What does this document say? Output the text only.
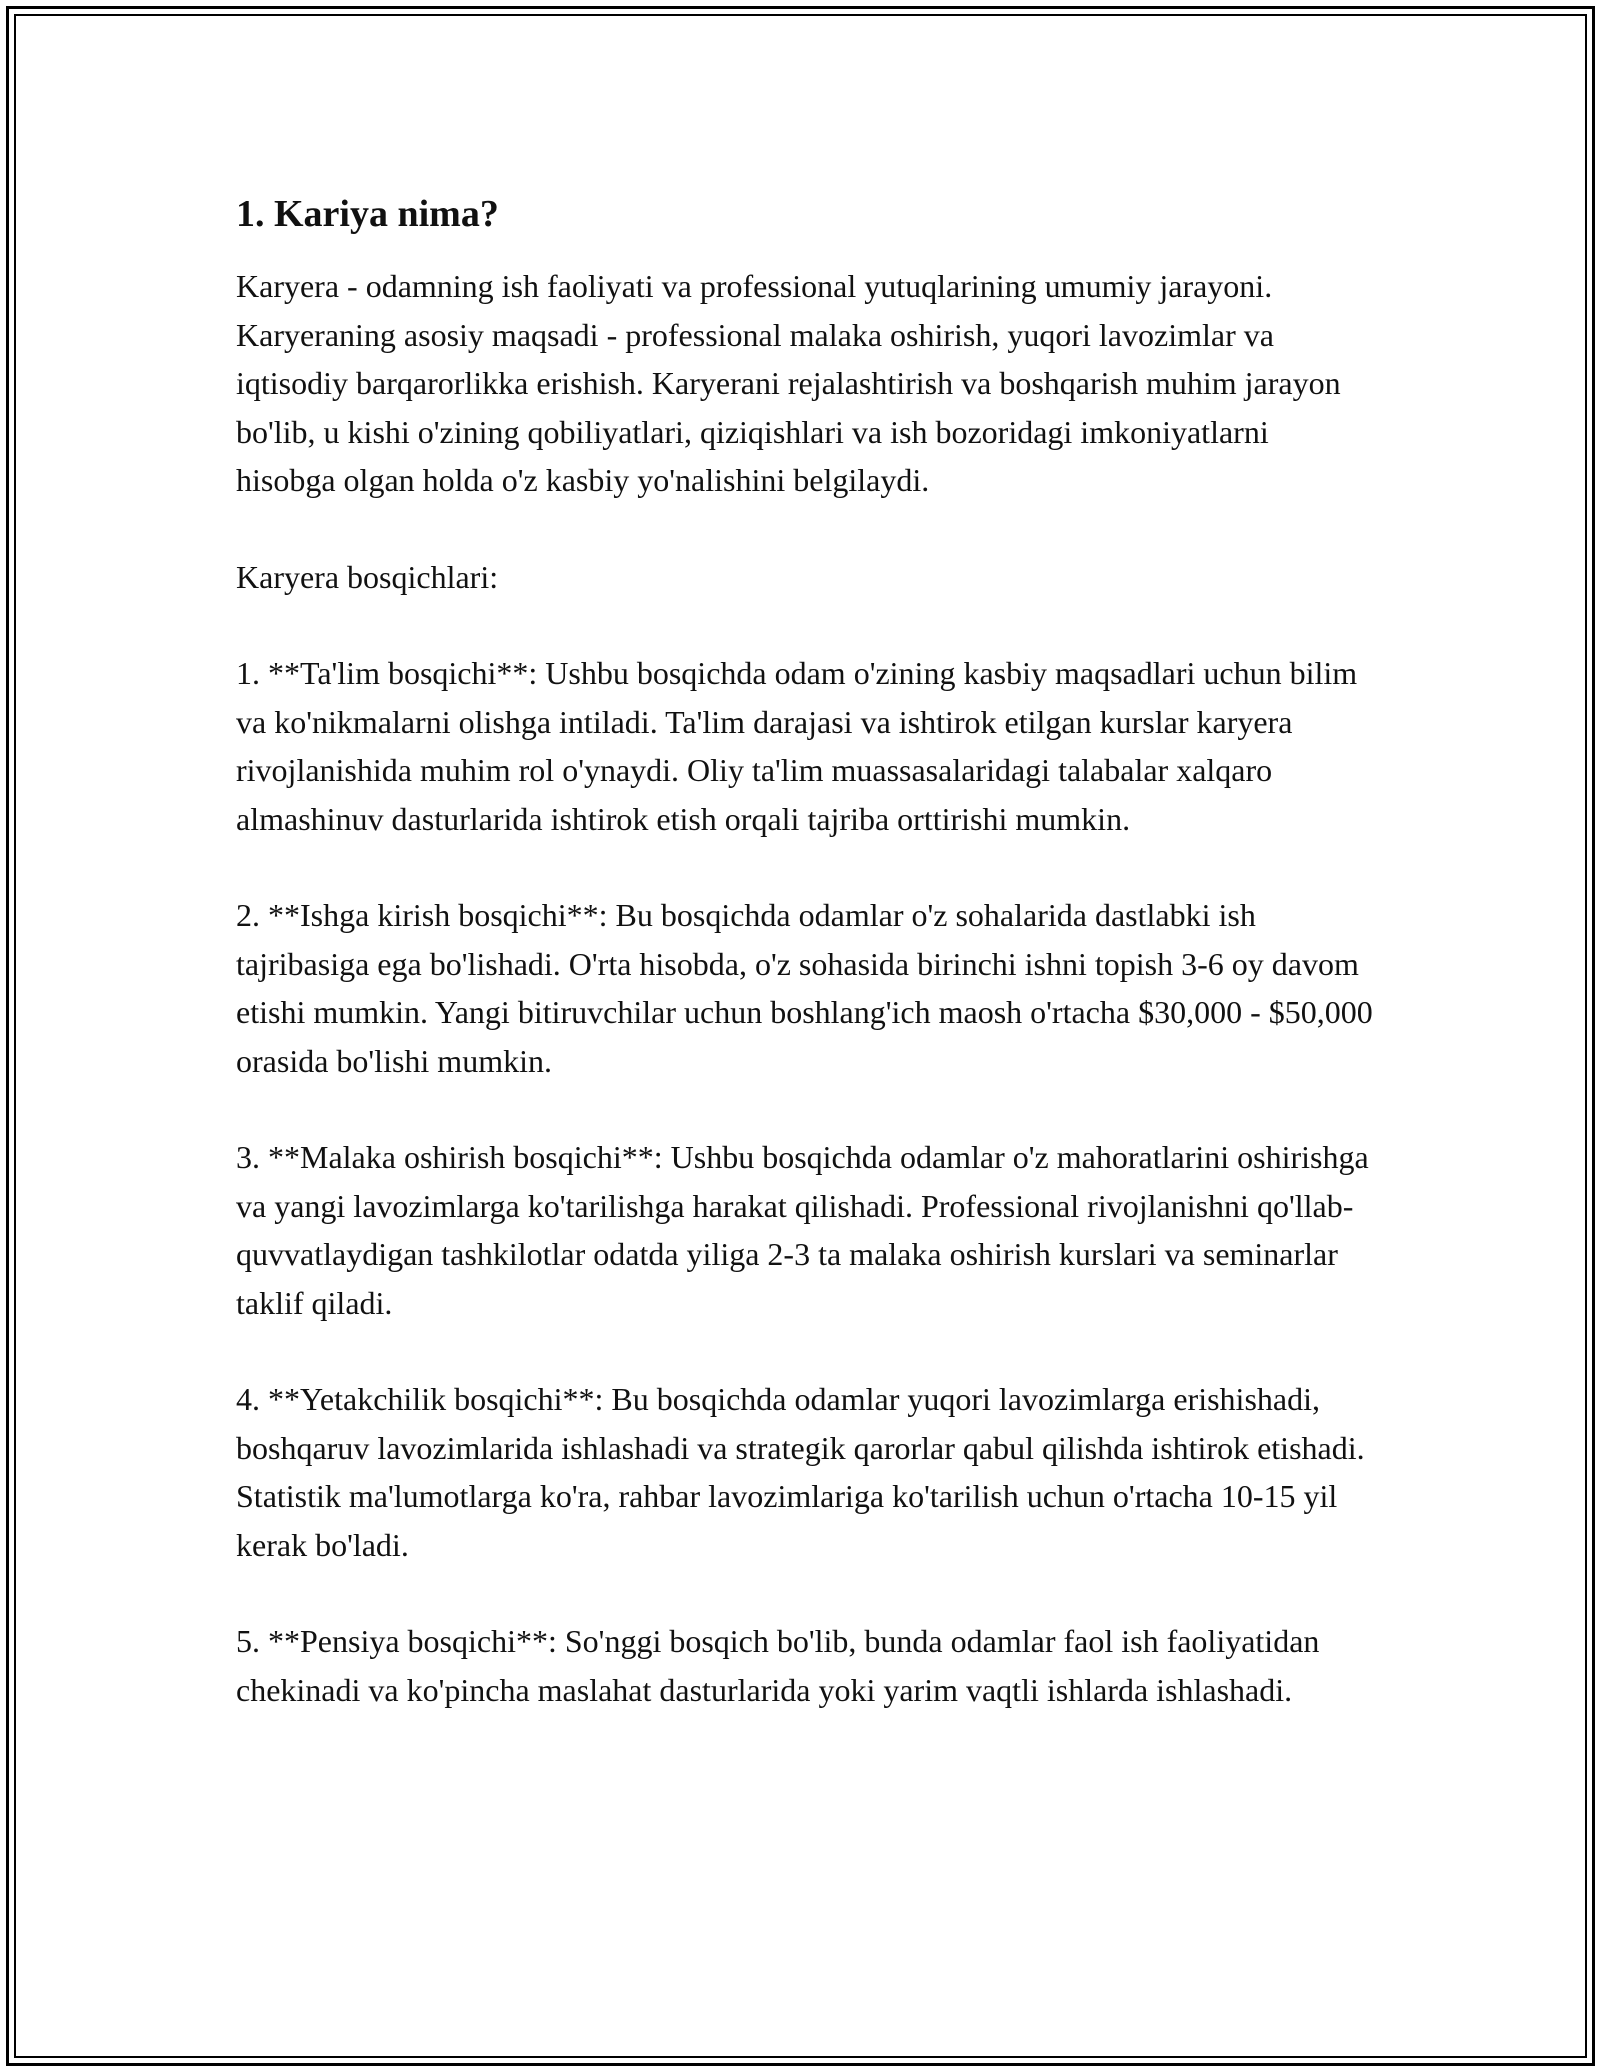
1. Kariya nima?

Karyera - odamning ish faoliyati va professional yutuqlarining umumiy jarayoni. Karyeraning asosiy maqsadi - professional malaka oshirish, yuqori lavozimlar va iqtisodiy barqarorlikka erishish. Karyerani rejalashtirish va boshqarish muhim jarayon bo'lib, u kishi o'zining qobiliyatlari, qiziqishlari va ish bozoridagi imkoniyatlarni hisobga olgan holda o'z kasbiy yo'nalishini belgilaydi.

Karyera bosqichlari:

1. **Ta'lim bosqichi**: Ushbu bosqichda odam o'zining kasbiy maqsadlari uchun bilim va ko'nikmalarni olishga intiladi. Ta'lim darajasi va ishtirok etilgan kurslar karyera rivojlanishida muhim rol o'ynaydi. Oliy ta'lim muassasalaridagi talabalar xalqaro almashinuv dasturlarida ishtirok etish orqali tajriba orttirishi mumkin.

2. **Ishga kirish bosqichi**: Bu bosqichda odamlar o'z sohalarida dastlabki ish tajribasiga ega bo'lishadi. O'rta hisobda, o'z sohasida birinchi ishni topish 3-6 oy davom etishi mumkin. Yangi bitiruvchilar uchun boshlang'ich maosh o'rtacha $30,000 - $50,000 orasida bo'lishi mumkin.

3. **Malaka oshirish bosqichi**: Ushbu bosqichda odamlar o'z mahoratlarini oshirishga va yangi lavozimlarga ko'tarilishga harakat qilishadi. Professional rivojlanishni qo'llab-quvvatlaydigan tashkilotlar odatda yiliga 2-3 ta malaka oshirish kurslari va seminarlar taklif qiladi.

4. **Yetakchilik bosqichi**: Bu bosqichda odamlar yuqori lavozimlarga erishishadi, boshqaruv lavozimlarida ishlashadi va strategik qarorlar qabul qilishda ishtirok etishadi. Statistik ma'lumotlarga ko'ra, rahbar lavozimlariga ko'tarilish uchun o'rtacha 10-15 yil kerak bo'ladi.

5. **Pensiya bosqichi**: So'nggi bosqich bo'lib, bunda odamlar faol ish faoliyatidan chekinadi va ko'pincha maslahat dasturlarida yoki yarim vaqtli ishlarda ishlashadi.
